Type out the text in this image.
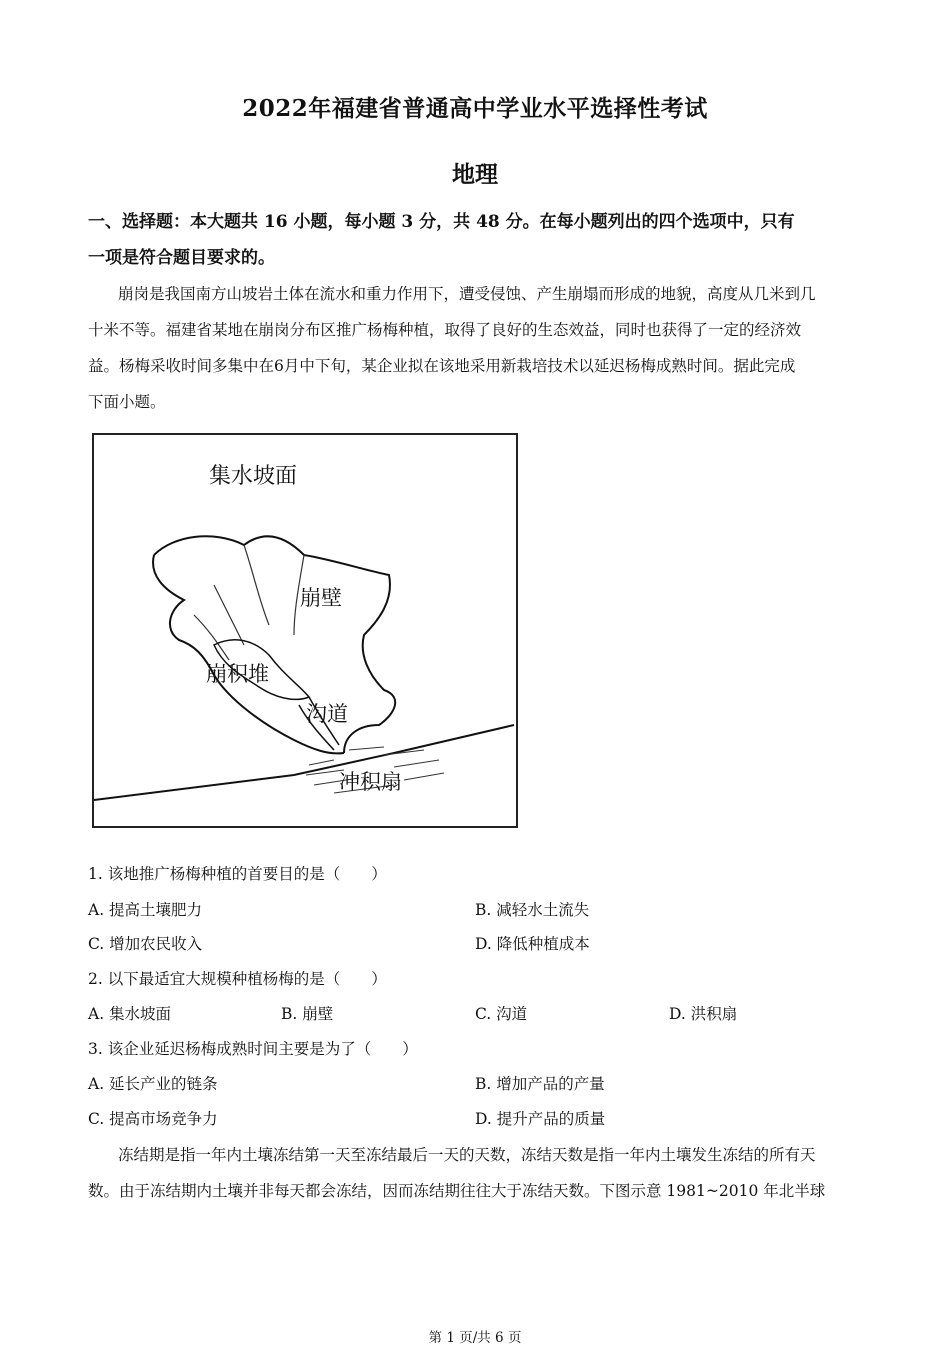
2022年福建省普通高中学业水平选择性考试
地理
一、选择题：本大题共 16 小题，每小题 3 分，共 48 分。在每小题列出的四个选项中，只有
一项是符合题目要求的。
崩岗是我国南方山坡岩土体在流水和重力作用下，遭受侵蚀、产生崩塌而形成的地貌，高度从几米到几
十米不等。福建省某地在崩岗分布区推广杨梅种植，取得了良好的生态效益，同时也获得了一定的经济效
益。杨梅采收时间多集中在6月中下旬，某企业拟在该地采用新栽培技术以延迟杨梅成熟时间。据此完成
下面小题。
集水坡面
崩壁
崩积堆
沟道
冲积扇
1. 该地推广杨梅种植的首要目的是（　　）
A. 提高土壤肥力	B. 减轻水土流失
C. 增加农民收入	D. 降低种植成本
2. 以下最适宜大规模种植杨梅的是（　　）
A. 集水坡面	B. 崩壁	C. 沟道	D. 洪积扇
3. 该企业延迟杨梅成熟时间主要是为了（　　）
A. 延长产业的链条	B. 增加产品的产量
C. 提高市场竞争力	D. 提升产品的质量
冻结期是指一年内土壤冻结第一天至冻结最后一天的天数，冻结天数是指一年内土壤发生冻结的所有天
数。由于冻结期内土壤并非每天都会冻结，因而冻结期往往大于冻结天数。下图示意 1981~2010 年北半球
第 1 页/共 6 页
